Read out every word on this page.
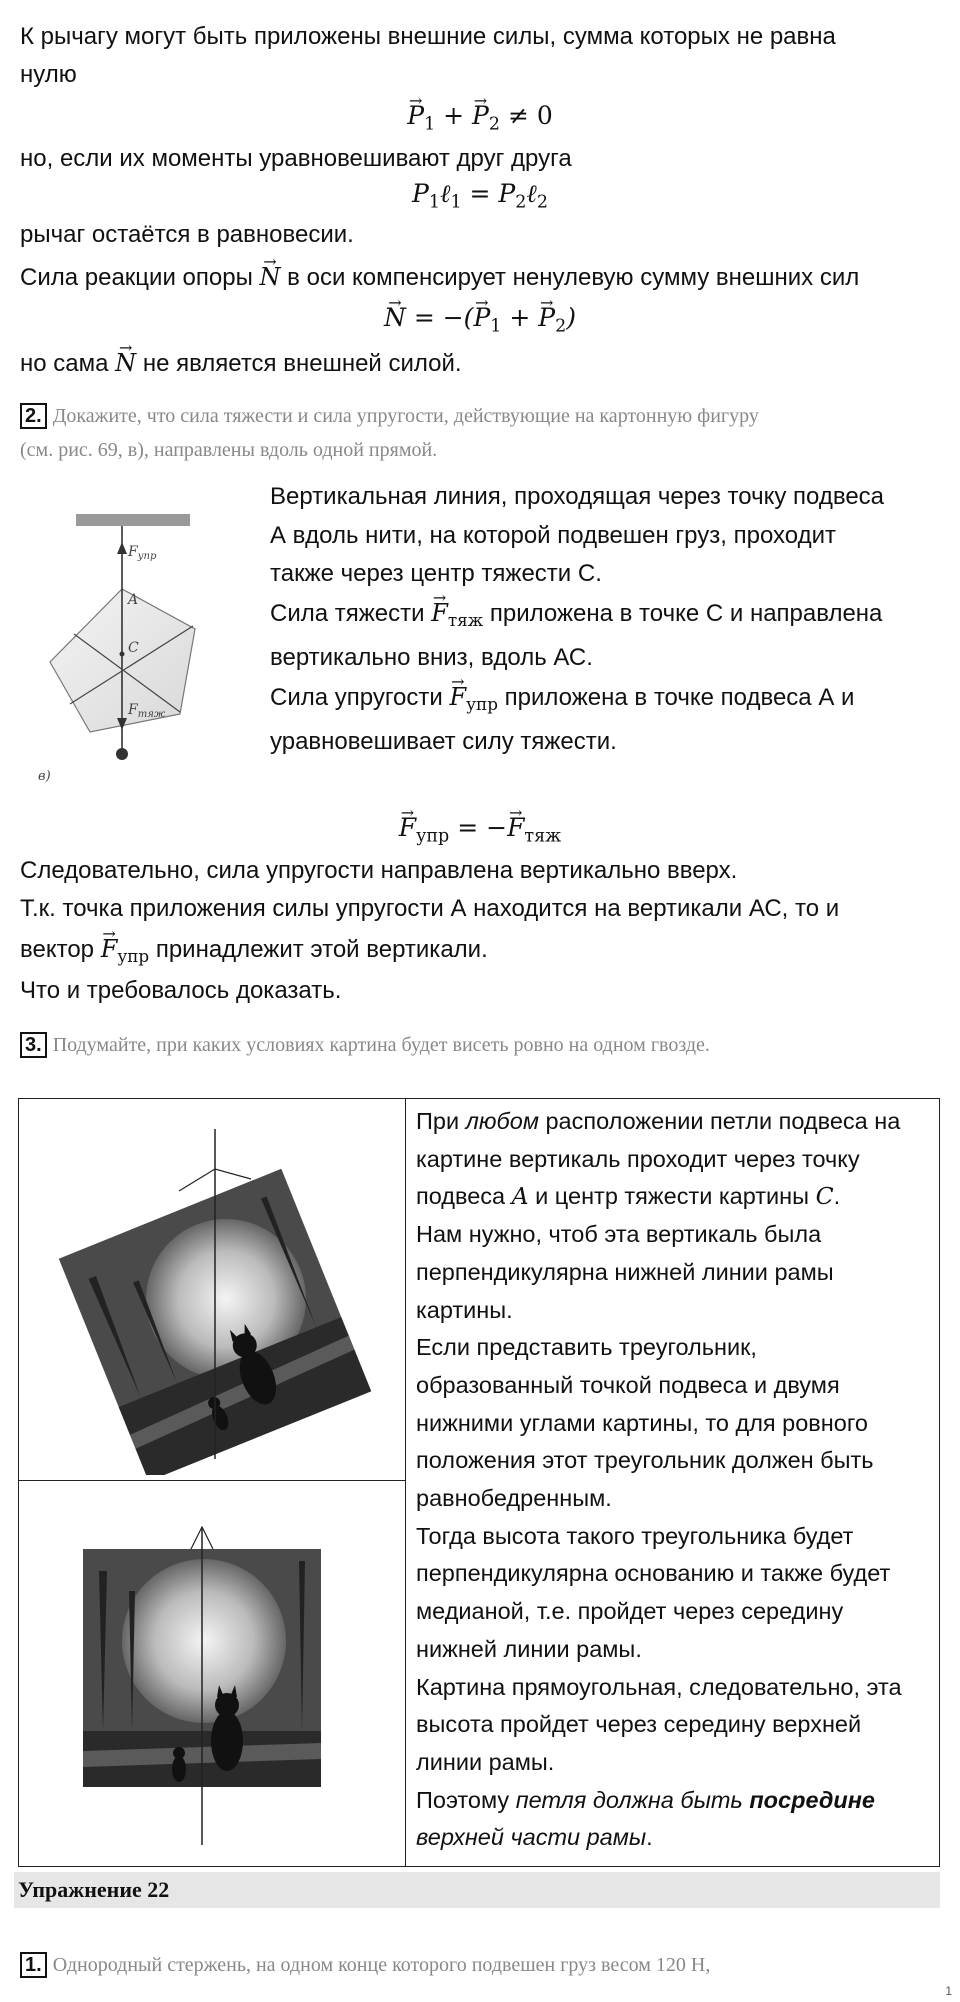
К рычагу могут быть приложены внешние силы, сумма которых не равна

нулю

→ $P_1$ + → $P_2 \ne 0$

но, если их моменты уравновешивают друг друга

$P_1\ell_1$ = $P_2\ell_2$

рычаг остаётся в равновесии.

Сила реакции опоры → N в оси компенсирует ненулевую сумму внешних сил

→ N = −(→ $P_1$ + → $P_2$)

но сама → N не является внешней силой.

2. Докажите, что сила тяжести и сила упругости, действующие на картонную фигуру
(см. рис. 69, в), направлены вдоль одной прямой.
$F_{упр}$
A
C
$F_{тяж}$
в)

Вертикальная линия, проходящая через точку подвеса

А вдоль нити, на которой подвешен груз, проходит

также через центр тяжести С.

Сила тяжести → $F_{тяж}$ приложена в точке С и направлена

вертикально вниз, вдоль АС.

Сила упругости → $F_{упр}$ приложена в точке подвеса А и

уравновешивает силу тяжести.

→ $F_{упр}$ = −→ $F_{тяж}$

Следовательно, сила упругости направлена вертикально вверх.

Т.к. точка приложения силы упругости А находится на вертикали АС, то и

вектор → $F_{упр}$ принадлежит этой вертикали.

Что и требовалось доказать.

3. Подумайте, при каких условиях картина будет висеть ровно на одном гвозде.

При любом расположении петли подвеса на

картине вертикаль проходит через точку

подвеса A и центр тяжести картины C.

Нам нужно, чтоб эта вертикаль была

перпендикулярна нижней линии рамы

картины.

Если представить треугольник,

образованный точкой подвеса и двумя

нижними углами картины, то для ровного

положения этот треугольник должен быть

равнобедренным.

Тогда высота такого треугольника будет

перпендикулярна основанию и также будет

медианой, т.е. пройдет через середину

нижней линии рамы.

Картина прямоугольная, следовательно, эта

высота пройдет через середину верхней

линии рамы.

Поэтому петля должна быть посредине

верхней части рамы.

Упражнение 22
1. Однородный стержень, на одном конце которого подвешен груз весом 120 Н,
1
